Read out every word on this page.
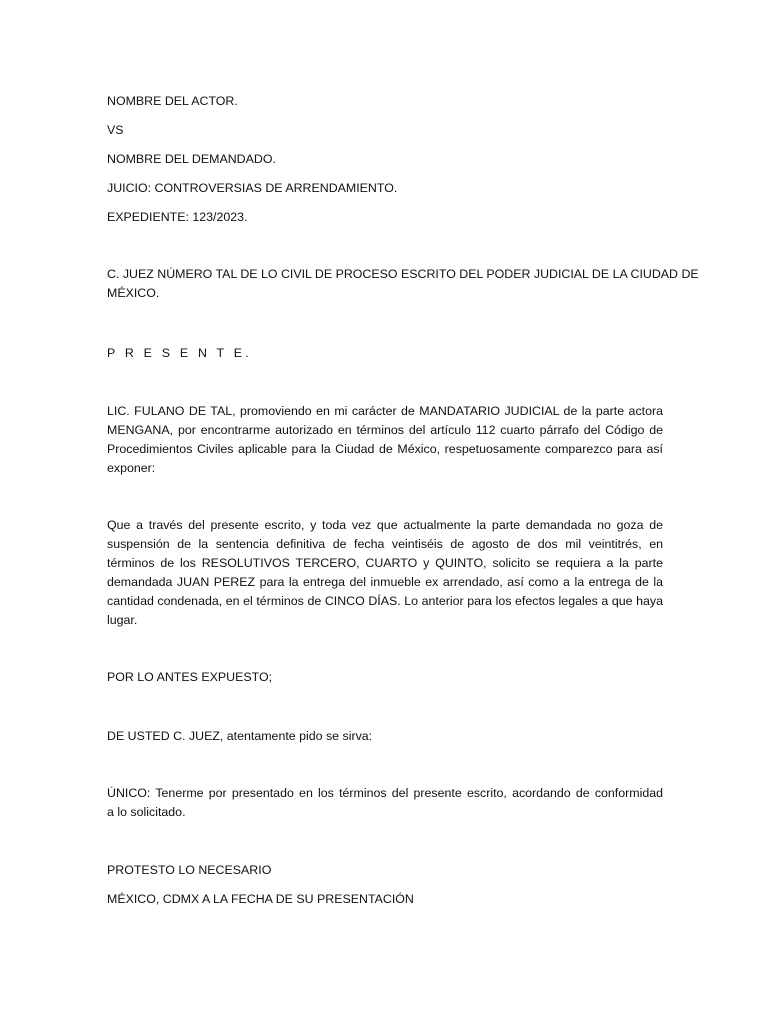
NOMBRE DEL ACTOR.
VS
NOMBRE DEL DEMANDADO.
JUICIO: CONTROVERSIAS DE ARRENDAMIENTO.
EXPEDIENTE: 123/2023.
C. JUEZ NÚMERO TAL DE LO CIVIL DE PROCESO ESCRITO DEL PODER JUDICIAL DE LA CIUDAD DE
MÉXICO.
P R E S E N T E.
LIC. FULANO DE TAL, promoviendo en mi carácter de MANDATARIO JUDICIAL de la parte actora
MENGANA, por encontrarme autorizado en términos del artículo 112 cuarto párrafo del Código de
Procedimientos Civiles aplicable para la Ciudad de México, respetuosamente comparezco para así
exponer:
Que a través del presente escrito, y toda vez que actualmente la parte demandada no goza de
suspensión de la sentencia definitiva de fecha veintiséis de agosto de dos mil veintitrés, en
términos de los RESOLUTIVOS TERCERO, CUARTO y QUINTO, solicito se requiera a la parte
demandada JUAN PEREZ para la entrega del inmueble ex arrendado, así como a la entrega de la
cantidad condenada, en el términos de CINCO DÍAS. Lo anterior para los efectos legales a que haya
lugar.
POR LO ANTES EXPUESTO;
DE USTED C. JUEZ, atentamente pido se sirva:
ÚNICO: Tenerme por presentado en los términos del presente escrito, acordando de conformidad
a lo solicitado.
PROTESTO LO NECESARIO
MÉXICO, CDMX A LA FECHA DE SU PRESENTACIÓN
